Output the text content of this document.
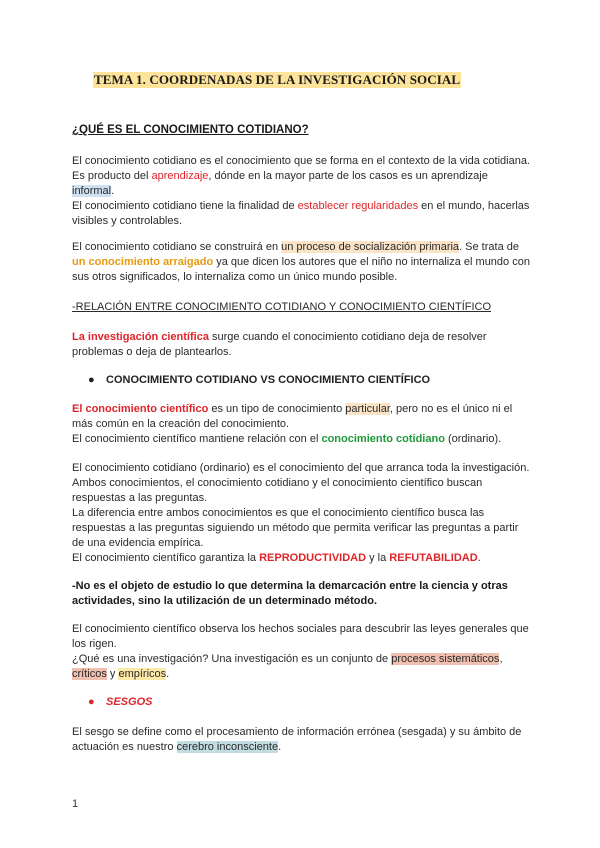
TEMA 1. COORDENADAS DE LA INVESTIGACIÓN SOCIAL
¿QUÉ ES EL CONOCIMIENTO COTIDIANO?
El conocimiento cotidiano es el conocimiento que se forma en el contexto de la vida cotidiana. Es producto del aprendizaje, dónde en la mayor parte de los casos es un aprendizaje informal.
El conocimiento cotidiano tiene la finalidad de establecer regularidades en el mundo, hacerlas visibles y controlables.
El conocimiento cotidiano se construirá en un proceso de socialización primaria. Se trata de un conocimiento arraigado ya que dicen los autores que el niño no internaliza el mundo con sus otros significados, lo internaliza como un único mundo posible.
-RELACIÓN ENTRE CONOCIMIENTO COTIDIANO Y CONOCIMIENTO CIENTÍFICO
La investigación científica surge cuando el conocimiento cotidiano deja de resolver problemas o deja de plantearlos.
● CONOCIMIENTO COTIDIANO VS CONOCIMIENTO CIENTÍFICO
El conocimiento científico es un tipo de conocimiento particular, pero no es el único ni el más común en la creación del conocimiento.
El conocimiento científico mantiene relación con el conocimiento cotidiano (ordinario).
El conocimiento cotidiano (ordinario) es el conocimiento del que arranca toda la investigación. Ambos conocimientos, el conocimiento cotidiano y el conocimiento científico buscan respuestas a las preguntas.
La diferencia entre ambos conocimientos es que el conocimiento científico busca las respuestas a las preguntas siguiendo un método que permita verificar las preguntas a partir de una evidencia empírica.
El conocimiento científico garantiza la REPRODUCTIVIDAD y la REFUTABILIDAD.
-No es el objeto de estudio lo que determina la demarcación entre la ciencia y otras actividades, sino la utilización de un determinado método.
El conocimiento científico observa los hechos sociales para descubrir las leyes generales que los rigen.
¿Qué es una investigación? Una investigación es un conjunto de procesos sistemáticos,
críticos y empíricos.
● SESGOS
El sesgo se define como el procesamiento de información errónea (sesgada) y su ámbito de actuación es nuestro cerebro inconsciente.
1
